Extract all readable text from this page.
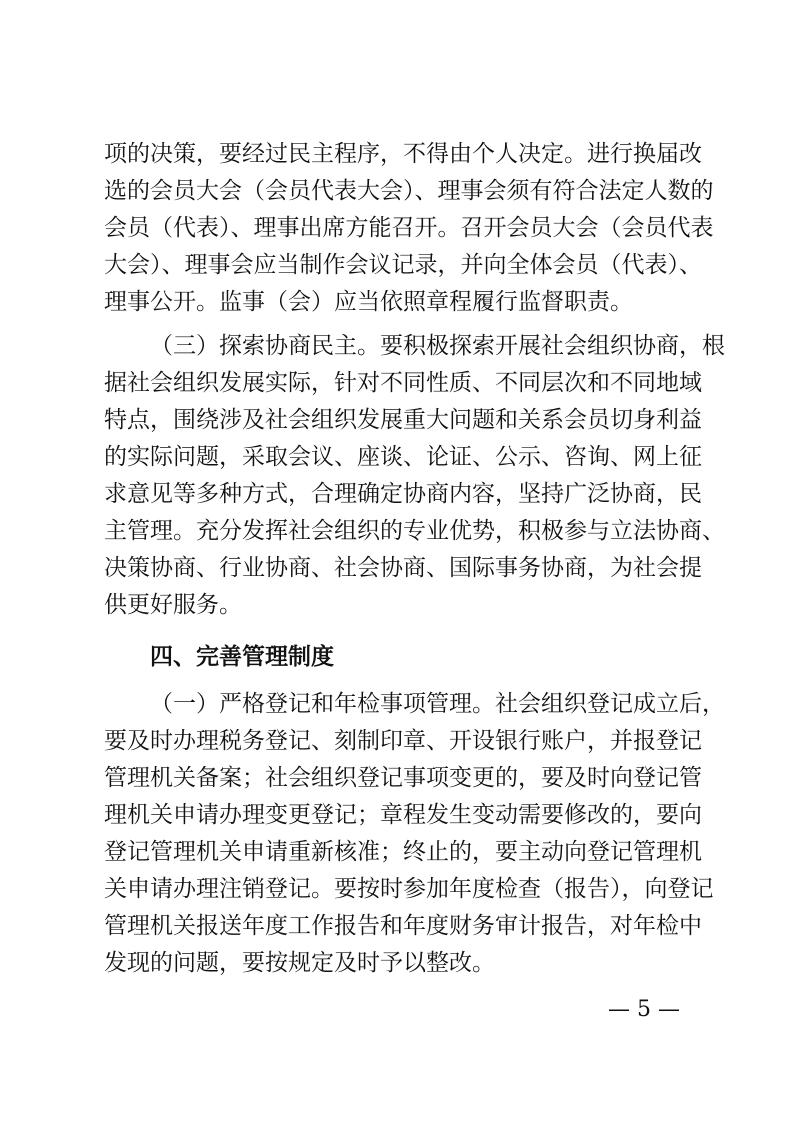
项的决策，要经过民主程序，不得由个人决定。进行换届改
选的会员大会（会员代表大会）、理事会须有符合法定人数的
会员（代表）、理事出席方能召开。召开会员大会（会员代表
大会）、理事会应当制作会议记录，并向全体会员（代表）、
理事公开。监事（会）应当依照章程履行监督职责。
（三）探索协商民主。要积极探索开展社会组织协商，根
据社会组织发展实际，针对不同性质、不同层次和不同地域
特点，围绕涉及社会组织发展重大问题和关系会员切身利益
的实际问题，采取会议、座谈、论证、公示、咨询、网上征
求意见等多种方式，合理确定协商内容，坚持广泛协商，民
主管理。充分发挥社会组织的专业优势，积极参与立法协商、
决策协商、行业协商、社会协商、国际事务协商，为社会提
供更好服务。
四、完善管理制度
（一）严格登记和年检事项管理。社会组织登记成立后，
要及时办理税务登记、刻制印章、开设银行账户，并报登记
管理机关备案；社会组织登记事项变更的，要及时向登记管
理机关申请办理变更登记；章程发生变动需要修改的，要向
登记管理机关申请重新核准；终止的，要主动向登记管理机
关申请办理注销登记。要按时参加年度检查（报告），向登记
管理机关报送年度工作报告和年度财务审计报告，对年检中
发现的问题，要按规定及时予以整改。
— 5 —
